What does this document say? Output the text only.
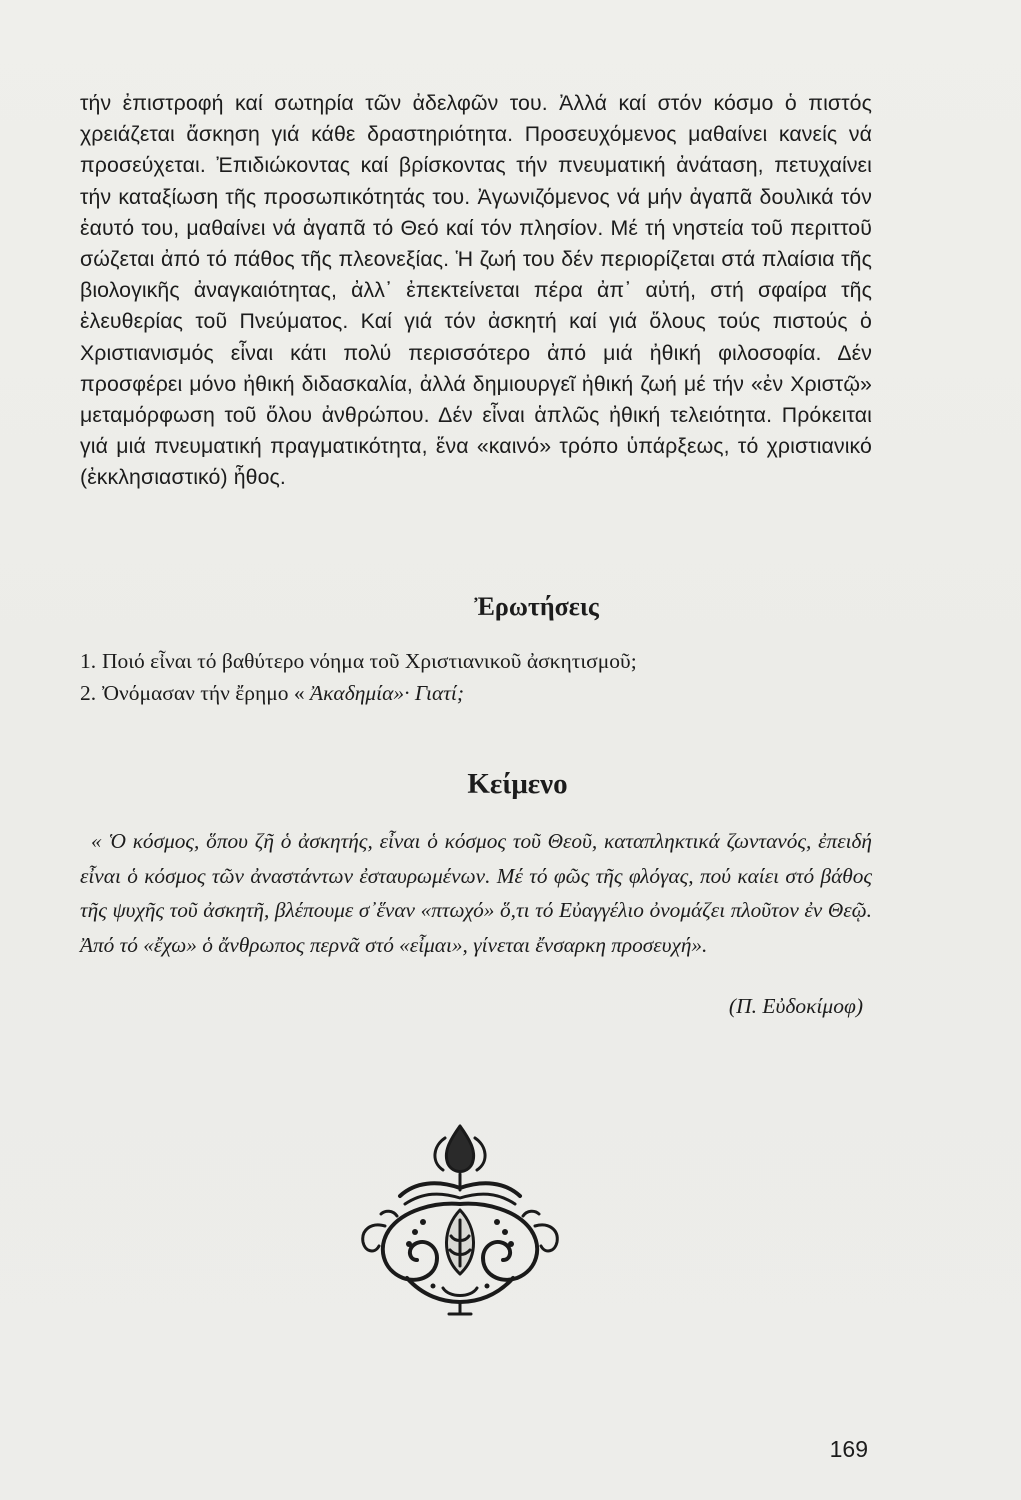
τήν ἐπιστροφή καί σωτηρία τῶν ἀδελφῶν του. Ἀλλά καί στόν κόσμο ὁ πιστός χρειάζεται ἄσκηση γιά κάθε δραστηριότητα. Προσευχόμενος μαθαίνει κανείς νά προσεύχεται. Ἐπιδιώκοντας καί βρίσκοντας τήν πνευματική ἀνάταση, πετυχαίνει τήν καταξίωση τῆς προσωπικότητάς του. Ἀγωνιζόμενος νά μήν ἀγαπᾶ δουλικά τόν ἑαυτό του, μαθαίνει νά ἀγαπᾶ τό Θεό καί τόν πλησίον. Μέ τή νηστεία τοῦ περιττοῦ σώζεται ἀπό τό πάθος τῆς πλεονεξίας. Ἡ ζωή του δέν περιορίζεται στά πλαίσια τῆς βιολογικῆς ἀναγκαιότητας, ἀλλ᾽ ἐπεκτείνεται πέρα ἀπ᾽ αὐτή, στή σφαίρα τῆς ἐλευθερίας τοῦ Πνεύματος. Καί γιά τόν ἀσκητή καί γιά ὅλους τούς πιστούς ὁ Χριστιανισμός εἶναι κάτι πολύ περισσότερο ἀπό μιά ἠθική φιλοσοφία. Δέν προσφέρει μόνο ἠθική διδασκαλία, ἀλλά δημιουργεῖ ἠθική ζωή μέ τήν «ἐν Χριστῷ» μεταμόρφωση τοῦ ὅλου ἀνθρώπου. Δέν εἶναι ἁπλῶς ἠθική τελειότητα. Πρόκειται γιά μιά πνευματική πραγματικότητα, ἕνα «καινό» τρόπο ὑπάρξεως, τό χριστιανικό (ἐκκλησιαστικό) ἦθος.

Ἐρωτήσεις
1. Ποιό εἶναι τό βαθύτερο νόημα τοῦ Χριστιανικοῦ ἀσκητισμοῦ;
2. Ὀνόμασαν τήν ἔρημο « Ἀκαδημία»· Γιατί;
Κείμενο

« Ὁ κόσμος, ὅπου ζῆ ὁ ἀσκητής, εἶναι ὁ κόσμος τοῦ Θεοῦ, καταπληκτικά ζωντανός, ἐπειδή εἶναι ὁ κόσμος τῶν ἀναστάντων ἐσταυρωμένων. Μέ τό φῶς τῆς φλόγας, πού καίει στό βάθος τῆς ψυχῆς τοῦ ἀσκητῆ, βλέπουμε σ᾽ἕναν «πτωχό» ὅ,τι τό Εὐαγγέλιο ὀνομάζει πλοῦτον ἐν Θεῷ. Ἀπό τό «ἔχω» ὁ ἄνθρωπος περνᾶ στό «εἶμαι», γίνεται ἔνσαρκη προσευχή».

(Π. Εὐδοκίμοφ)

169
